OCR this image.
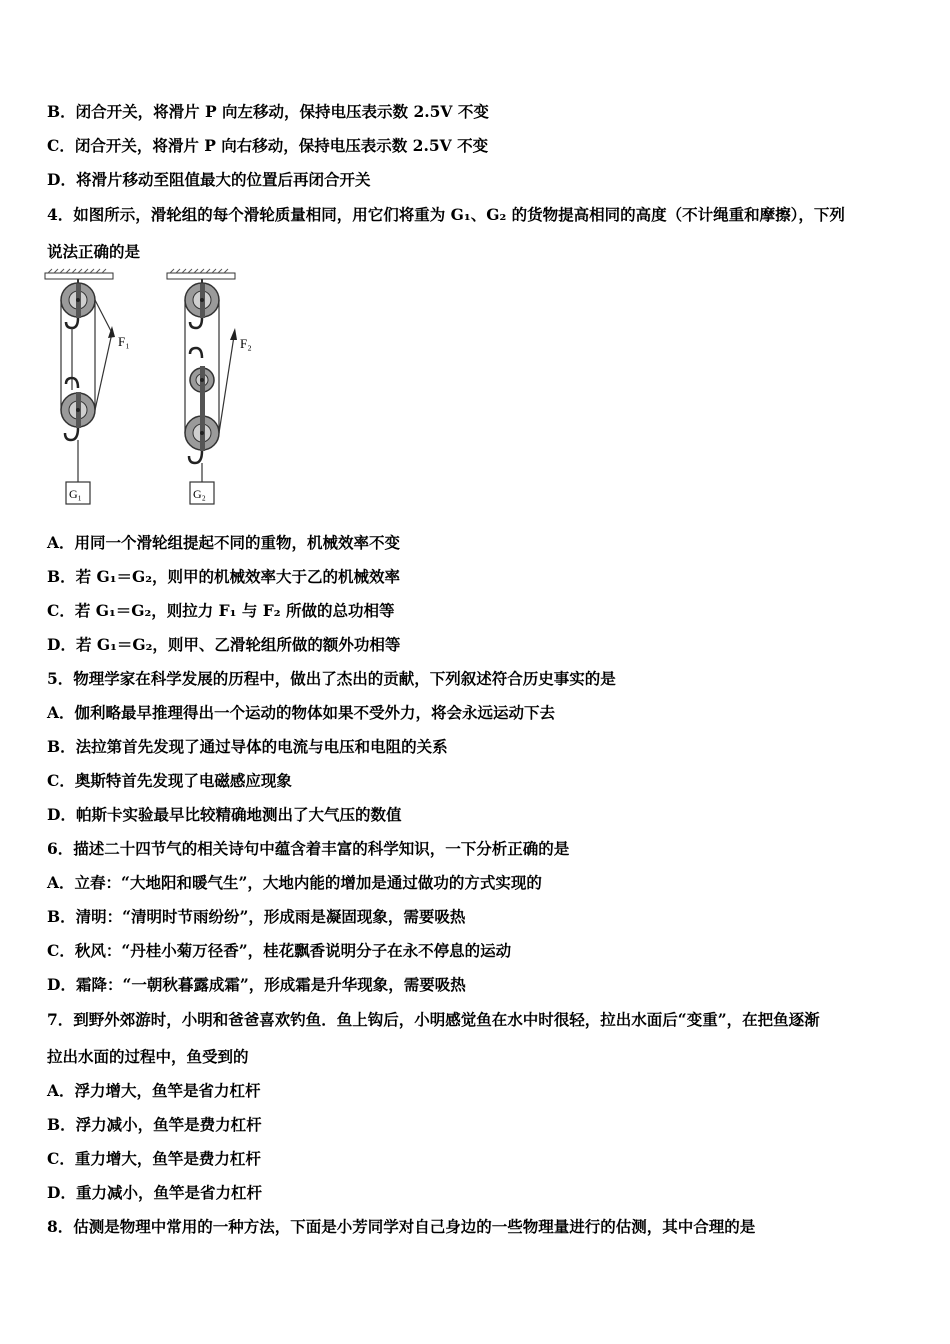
B．闭合开关，将滑片 P 向左移动，保持电压表示数 2.5V 不变
C．闭合开关，将滑片 P 向右移动，保持电压表示数 2.5V 不变
D．将滑片移动至阻值最大的位置后再闭合开关
4．如图所示，滑轮组的每个滑轮质量相同，用它们将重为 G₁、G₂ 的货物提高相同的高度（不计绳重和摩擦），下列
说法正确的是
F₁
G₁
F₂
G₂
A．用同一个滑轮组提起不同的重物，机械效率不变
B．若 G₁＝G₂，则甲的机械效率大于乙的机械效率
C．若 G₁＝G₂，则拉力 F₁ 与 F₂ 所做的总功相等
D．若 G₁＝G₂，则甲、乙滑轮组所做的额外功相等
5．物理学家在科学发展的历程中，做出了杰出的贡献，下列叙述符合历史事实的是
A．伽利略最早推理得出一个运动的物体如果不受外力，将会永远运动下去
B．法拉第首先发现了通过导体的电流与电压和电阻的关系
C．奥斯特首先发现了电磁感应现象
D．帕斯卡实验最早比较精确地测出了大气压的数值
6．描述二十四节气的相关诗句中蕴含着丰富的科学知识，一下分析正确的是
A．立春：“大地阳和暖气生”，大地内能的增加是通过做功的方式实现的
B．清明：“清明时节雨纷纷”，形成雨是凝固现象，需要吸热
C．秋风：“丹桂小菊万径香”，桂花飘香说明分子在永不停息的运动
D．霜降：“一朝秋暮露成霜”，形成霜是升华现象，需要吸热
7．到野外郊游时，小明和爸爸喜欢钓鱼．鱼上钩后，小明感觉鱼在水中时很轻，拉出水面后“变重”，在把鱼逐渐
拉出水面的过程中，鱼受到的
A．浮力增大，鱼竿是省力杠杆
B．浮力减小，鱼竿是费力杠杆
C．重力增大，鱼竿是费力杠杆
D．重力减小，鱼竿是省力杠杆
8．估测是物理中常用的一种方法，下面是小芳同学对自己身边的一些物理量进行的估测，其中合理的是
